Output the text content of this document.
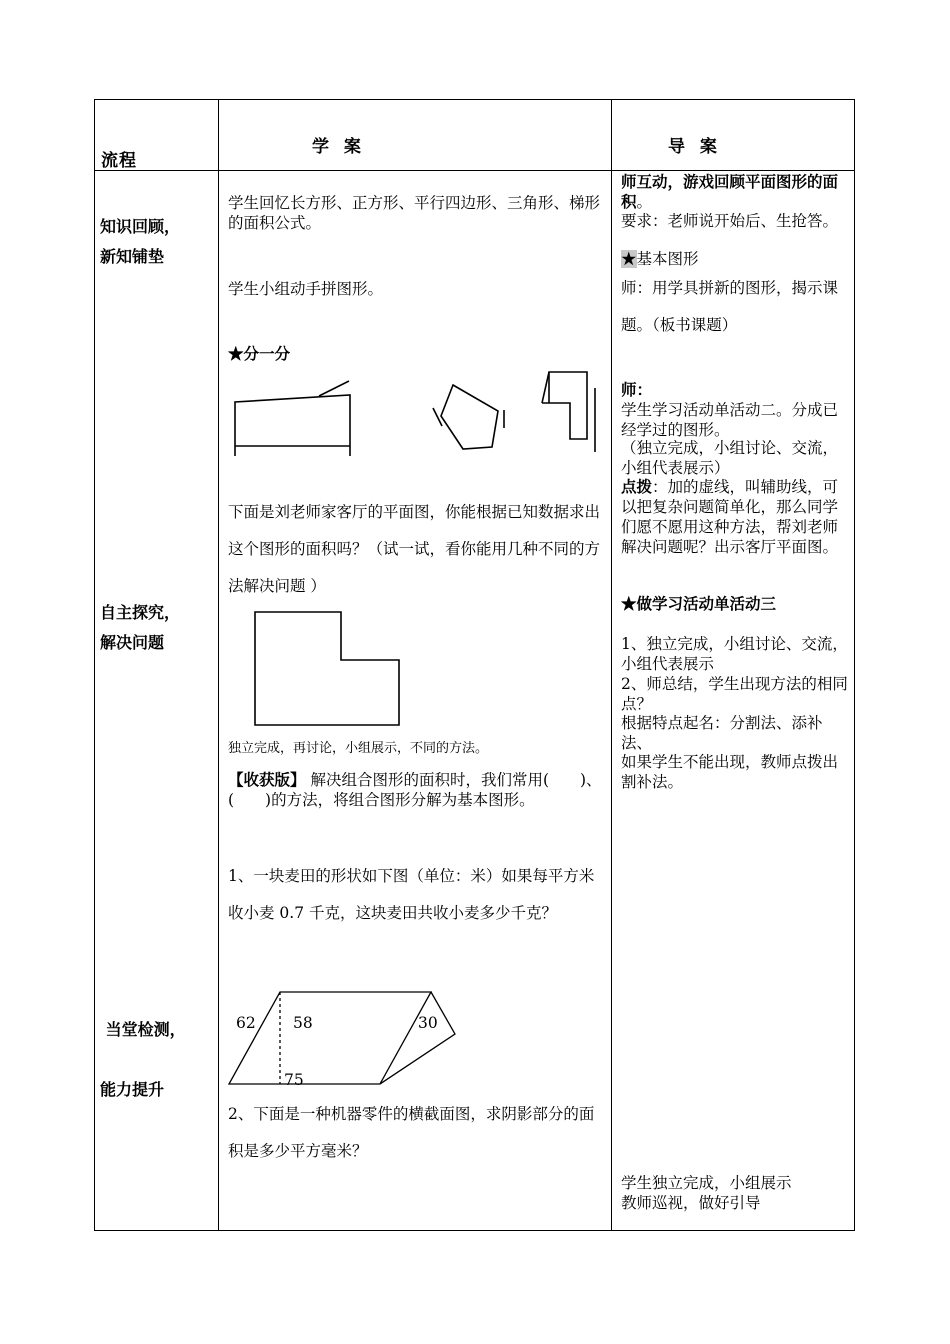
流程
学  案	导  案
知识回顾，
新知铺垫
自主探究，
解决问题

当堂检测，

能力提升

学生回忆长方形、正方形、平行四边形、三角形、梯形的面积公式。
学生小组动手拼图形。
★分一分
下面是刘老师家客厅的平面图，你能根据已知数据求出这个图形的面积吗？（试一试，看你能用几种不同的方法解决问题 ）
独立完成，再讨论，小组展示，不同的方法。
【收获版】 解决组合图形的面积时，我们常用(　　)、(　　)的方法，将组合图形分解为基本图形。
1、一块麦田的形状如下图（单位：米）如果每平方米收小麦 0.7 千克，这块麦田共收小麦多少千克？
62 58	30
75
2、下面是一种机器零件的横截面图，求阴影部分的面积是多少平方毫米？
师互动，游戏回顾平面图形的面积。
要求：老师说开始后、生抢答。
★基本图形
师：用学具拼新的图形，揭示课题。（板书课题）
师：
学生学习活动单活动二。分成已经学过的图形。
（独立完成，小组讨论、交流，小组代表展示）
点拨：加的虚线，叫辅助线，可以把复杂问题简单化，那么同学们愿不愿用这种方法，帮刘老师解决问题呢？出示客厅平面图。
★做学习活动单活动三
1、独立完成，小组讨论、交流，小组代表展示
2、师总结，学生出现方法的相同点？
根据特点起名：分割法、添补法、
如果学生不能出现，教师点拨出割补法。
学生独立完成，小组展示
教师巡视，做好引导
